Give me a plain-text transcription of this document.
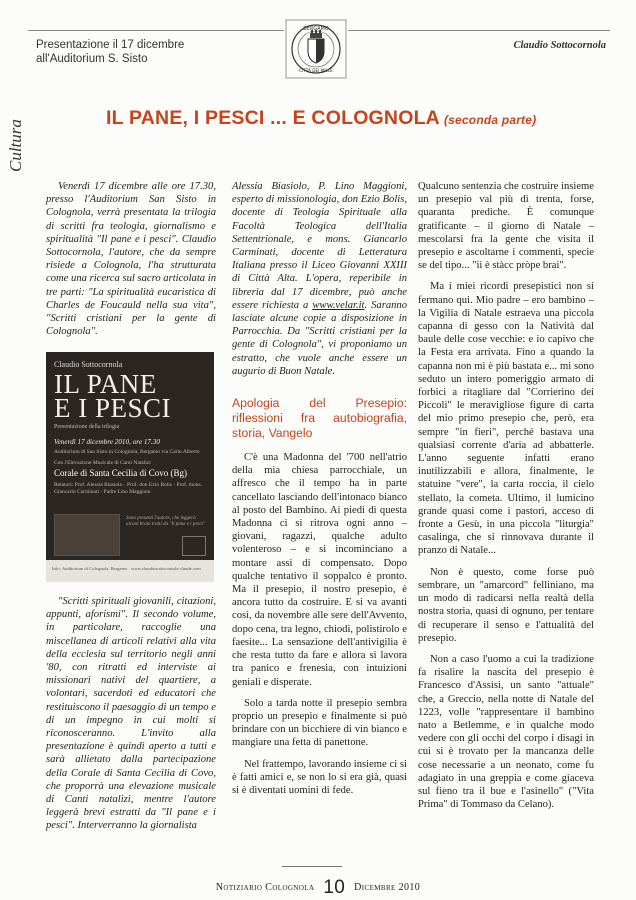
Presentazione il 17 dicembre
all'Auditorium S. Sisto
BERGAMO
CITTÀ DEI MILLE
Claudio Sottocornola
Cultura
IL PANE, I PESCI ... E COLOGNOLA (seconda parte)

Venerdì 17 dicembre alle ore 17.30, presso l'Auditorium San Sisto in Colognola, verrà presentata la trilogia di scritti fra teologia, giornalismo e spiritualità "Il pane e i pesci". Claudio Sottocornola, l'autore, che da sempre risiede a Colognola, l'ha strutturata come una ricerca sul sacro articolata in tre parti: "La spiritualità eucaristica di Charles de Foucauld nella sua vita", "Scritti cristiani per la gente di Colognola".

Claudio Sottocornola
IL PANE
E I PESCI
Presentazione della trilogia
Venerdì 17 dicembre 2010, ore 17.30
Auditorium di San Sisto in Colognola, Bergamo via Carlo Alberto
Con l'Elevazione Musicale di Canti Natalizi
Corale di Santa Cecilia di Covo (Bg)
Relatori: Prof. Alessia Biasiolo · Prof. don Ezio Bolis · Prof. mons. Giancarlo Carminati · Padre Lino Maggioni
Sono presenti l'autore, che leggerà alcuni brani tratti da "Il pane e i pesci"
Info: Auditorium di Colognola, Bergamo · www.claudiosottocornola-claude.com

"Scritti spirituali giovanili, citazioni, appunti, aforismi". Il secondo volume, in particolare, raccoglie una miscellanea di articoli relativi alla vita della ecclesia sul territorio negli anni '80, con ritratti ed interviste ai missionari nativi del quartiere, a volontari, sacerdoti ed educatori che restituiscono il paesaggio di un tempo e di un impegno in cui molti si riconosceranno. L'invito alla presentazione è quindi aperto a tutti e sarà allietato dalla partecipazione della Corale di Santa Cecilia di Covo, che proporrà una elevazione musicale di Canti natalizi, mentre l'autore leggerà brevi estratti da "Il pane e i pesci". Interverranno la giornalista

Alessia Biasiolo, P. Lino Maggioni, esperto di missionologia, don Ezio Bolis, docente di Teologia Spirituale alla Facoltà Teologica dell'Italia Settentrionale, e mons. Giancarlo Carminati, docente di Letteratura Italiana presso il Liceo Giovanni XXIII di Città Alta. L'opera, reperibile in libreria dal 17 dicembre, può anche essere richiesta a www.velar.it. Saranno lasciate alcune copie a disposizione in Parrocchia. Da "Scritti cristiani per la gente di Colognola", vi proponiamo un estratto, che vuole anche essere un augurio di Buon Natale.

Apologia del Presepio: riflessioni fra autobiografia, storia, Vangelo

C'è una Madonna del '700 nell'atrio della mia chiesa parrocchiale, un affresco che il tempo ha in parte cancellato lasciando dell'intonaco bianco al posto del Bambino. Ai piedi di questa Madonna ci si ritrova ogni anno – giovani, ragazzi, qualche adulto volenteroso – e si incominciano a montare assi di compensato. Dopo qualche tentativo il soppalco è pronto. Ma il presepio, il nostro presepio, è ancora tutto da costruire. E si va avanti così, da novembre alle sere dell'Avvento, dopo cena, tra legno, chiodi, polistirolo e faesite... La sensazione dell'antivigilia è che resta tutto da fare e allora si lavora tra panico e frenesia, con intuizioni geniali e disperate.

Solo a tarda notte il presepio sembra proprio un presepio e finalmente si può brindare con un bicchiere di vin bianco e mangiare una fetta di panettone.

Nel frattempo, lavorando insieme ci si è fatti amici e, se non lo si era già, quasi si è diventati uomini di fede.

Qualcuno sentenzia che costruire insieme un presepio val più di trenta, forse, quaranta prediche. È comunque gratificante – il giorno di Natale – mescolarsi fra la gente che visita il presepio e ascoltarne i commenti, specie se del tipo... "ii è stàcc pròpe brai".

Ma i miei ricordi presepistici non si fermano qui. Mio padre – ero bambino – la Vigilia di Natale estraeva una piccola capanna di gesso con la Natività dal baule delle cose vecchie: e io capivo che la Festa era arrivata. Fino a quando la capanna non mi è più bastata e... mi sono seduto un intero pomeriggio armato di forbici a ritagliare dal "Corrierino dei Piccoli" le meravigliose figure di carta del mio primo presepio che, però, era sempre "in fieri", perché bastava una qualsiasi corrente d'aria ad abbatterle. L'anno seguente infatti erano inutilizzabili e allora, finalmente, le statuine "vere", la carta roccia, il cielo stellato, la cometa. Ultimo, il lumicino grande quasi come i pastori, acceso di fronte a Gesù, in una piccola "liturgia" casalinga, che si rinnovava durante il pranzo di Natale...

Non è questo, come forse può sembrare, un "amarcord" felliniano, ma un modo di radicarsi nella realtà della nostra storia, quasi di ognuno, per tentare di recuperare il senso e l'attualità del presepio.

Non a caso l'uomo a cui la tradizione fa risalire la nascita del presepio è Francesco d'Assisi, un santo "attuale" che, a Greccio, nella notte di Natale del 1223, volle "rappresentare il bambino nato a Betlemme, e in qualche modo vedere con gli occhi del corpo i disagi in cui si è trovato per la mancanza delle cose necessarie a un neonato, come fu adagiato in una greppia e come giaceva sul fieno tra il bue e l'asinello" ("Vita Prima" di Tommaso da Celano).

Notiziario Colognola 10 Dicembre 2010
